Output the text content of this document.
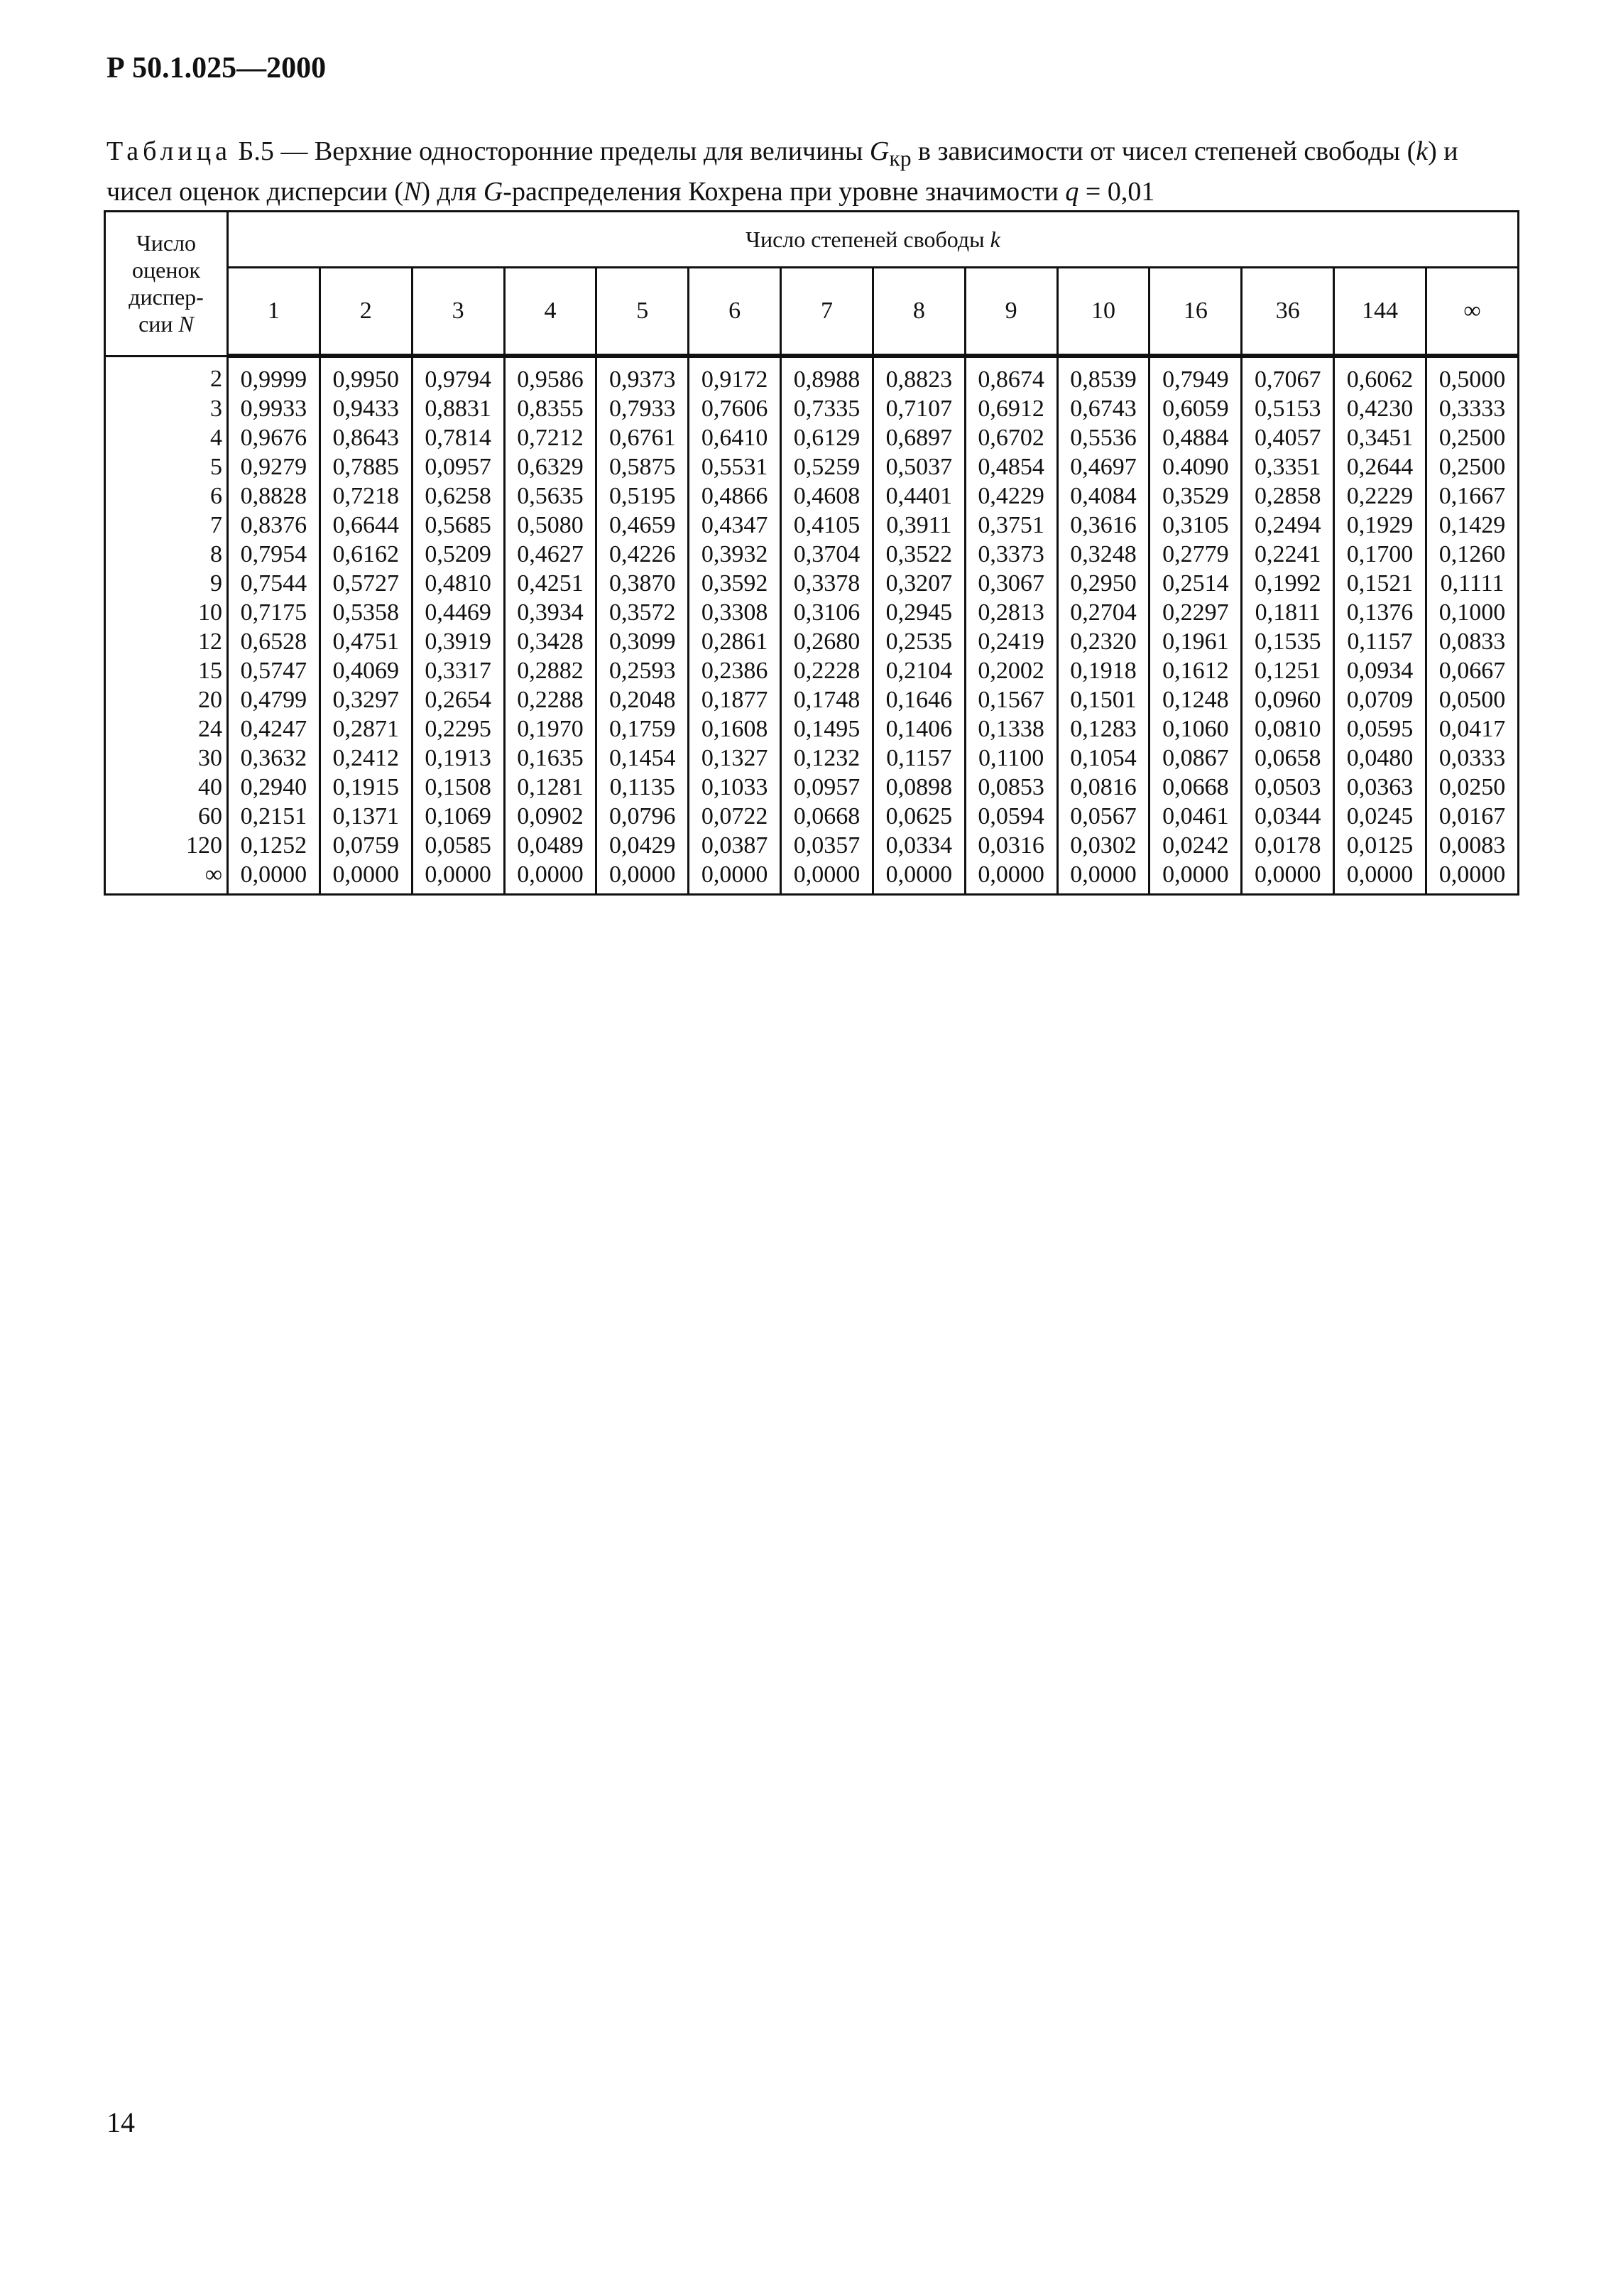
Р 50.1.025—2000
Таблица Б.5 — Верхние односторонние пределы для величины $G_{кр}$ в зависимости от чисел степеней свободы (k) и чисел оценок дисперсии (N) для G-распределения Кохрена при уровне значимости q = 0,01
Число
оценок
диспер-
сии N	Число степеней свободы k													
	1	2	3	4	5	6	7	8	9	10	16	36	144	∞
2	0,9999	0,9950	0,9794	0,9586	0,9373	0,9172	0,8988	0,8823	0,8674	0,8539	0,7949	0,7067	0,6062	0,5000
3	0,9933	0,9433	0,8831	0,8355	0,7933	0,7606	0,7335	0,7107	0,6912	0,6743	0,6059	0,5153	0,4230	0,3333
4	0,9676	0,8643	0,7814	0,7212	0,6761	0,6410	0,6129	0,6897	0,6702	0,5536	0,4884	0,4057	0,3451	0,2500
5	0,9279	0,7885	0,0957	0,6329	0,5875	0,5531	0,5259	0,5037	0,4854	0,4697	0.4090	0,3351	0,2644	0,2500
6	0,8828	0,7218	0,6258	0,5635	0,5195	0,4866	0,4608	0,4401	0,4229	0,4084	0,3529	0,2858	0,2229	0,1667
7	0,8376	0,6644	0,5685	0,5080	0,4659	0,4347	0,4105	0,3911	0,3751	0,3616	0,3105	0,2494	0,1929	0,1429
8	0,7954	0,6162	0,5209	0,4627	0,4226	0,3932	0,3704	0,3522	0,3373	0,3248	0,2779	0,2241	0,1700	0,1260
9	0,7544	0,5727	0,4810	0,4251	0,3870	0,3592	0,3378	0,3207	0,3067	0,2950	0,2514	0,1992	0,1521	0,1111
10	0,7175	0,5358	0,4469	0,3934	0,3572	0,3308	0,3106	0,2945	0,2813	0,2704	0,2297	0,1811	0,1376	0,1000
12	0,6528	0,4751	0,3919	0,3428	0,3099	0,2861	0,2680	0,2535	0,2419	0,2320	0,1961	0,1535	0,1157	0,0833
15	0,5747	0,4069	0,3317	0,2882	0,2593	0,2386	0,2228	0,2104	0,2002	0,1918	0,1612	0,1251	0,0934	0,0667
20	0,4799	0,3297	0,2654	0,2288	0,2048	0,1877	0,1748	0,1646	0,1567	0,1501	0,1248	0,0960	0,0709	0,0500
24	0,4247	0,2871	0,2295	0,1970	0,1759	0,1608	0,1495	0,1406	0,1338	0,1283	0,1060	0,0810	0,0595	0,0417
30	0,3632	0,2412	0,1913	0,1635	0,1454	0,1327	0,1232	0,1157	0,1100	0,1054	0,0867	0,0658	0,0480	0,0333
40	0,2940	0,1915	0,1508	0,1281	0,1135	0,1033	0,0957	0,0898	0,0853	0,0816	0,0668	0,0503	0,0363	0,0250
60	0,2151	0,1371	0,1069	0,0902	0,0796	0,0722	0,0668	0,0625	0,0594	0,0567	0,0461	0,0344	0,0245	0,0167
120	0,1252	0,0759	0,0585	0,0489	0,0429	0,0387	0,0357	0,0334	0,0316	0,0302	0,0242	0,0178	0,0125	0,0083
∞	0,0000	0,0000	0,0000	0,0000	0,0000	0,0000	0,0000	0,0000	0,0000	0,0000	0,0000	0,0000	0,0000	0,0000
14
